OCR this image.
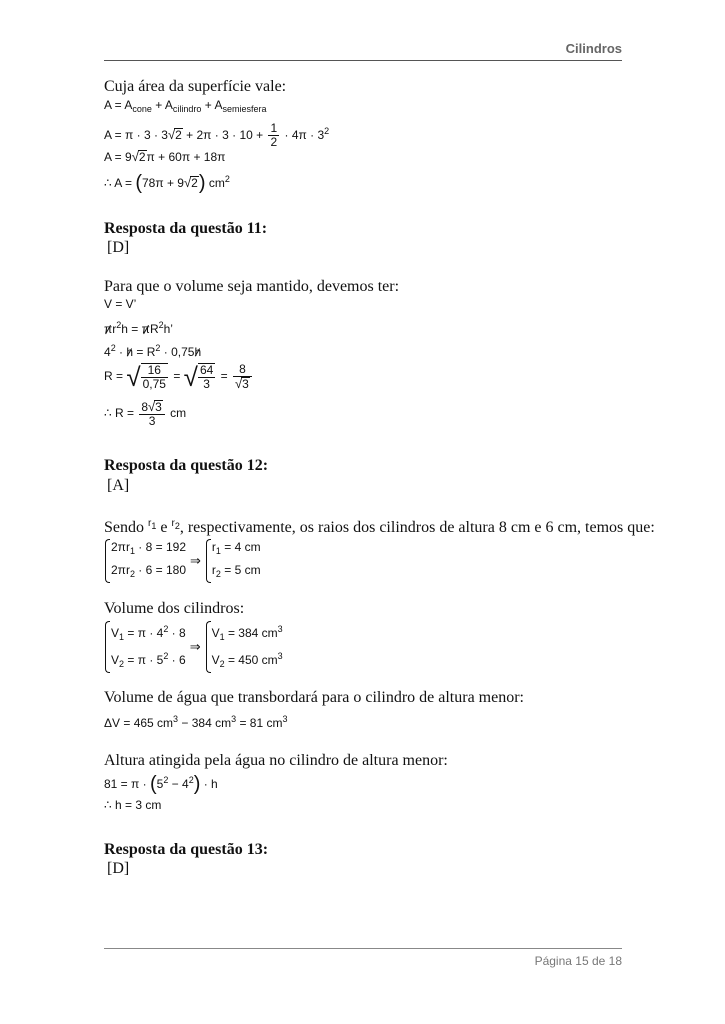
Cilindros
Cuja área da superfície vale:
$A = A_{cone} + A_{cilindro} + A_{semiesfera}$
$A = \pi \cdot 3 \cdot 3√2 + 2\pi \cdot 3 \cdot 10 + \frac{1}{2} \cdot 4\pi \cdot 3^2$
A = 9√2π + 60π + 18π
∴ A = (78π + 9√2) $cm^2$
Resposta da questão 11:
[D]
Para que o volume seja mantido, devemos ter:
V = V’
$\pi r^2h = \pi R^2h$’
$4^2 \cdot h = R^2 \cdot 0,75h$
R = √ $\frac{16}{0,75}$ = √ $\frac{64}{3} = \frac{8}{√3}$
∴ $R = \frac{8√3}{3}$ cm
Resposta da questão 12:
[A]
Sendo $^{r_1}$ e $^{r_2}$, respectivamente, os raios dos cilindros de altura 8 cm e 6 cm, temos que:
$2\pi r_1 \cdot 8 = 192$
$2\pi r_2 \cdot 6 = 180$
⇒
$r_1 = 4$ cm
$r_2 = 5$ cm
Volume dos cilindros:
$V_1 = \pi \cdot 4^2 \cdot 8$
$V_2 = \pi \cdot 5^2 \cdot 6$
⇒
$V_1 = 384$ $cm^3$
$V_2 = 450$ $cm^3$
Volume de água que transbordará para o cilindro de altura menor:
ΔV = 465 $cm^3 - 384$ $cm^3 = 81$ $cm^3$
Altura atingida pela água no cilindro de altura menor:
$81 = \pi \cdot (5^2 - 4^2) \cdot h$
∴ h = 3 cm
Resposta da questão 13:
[D]
Página 15 de 18
